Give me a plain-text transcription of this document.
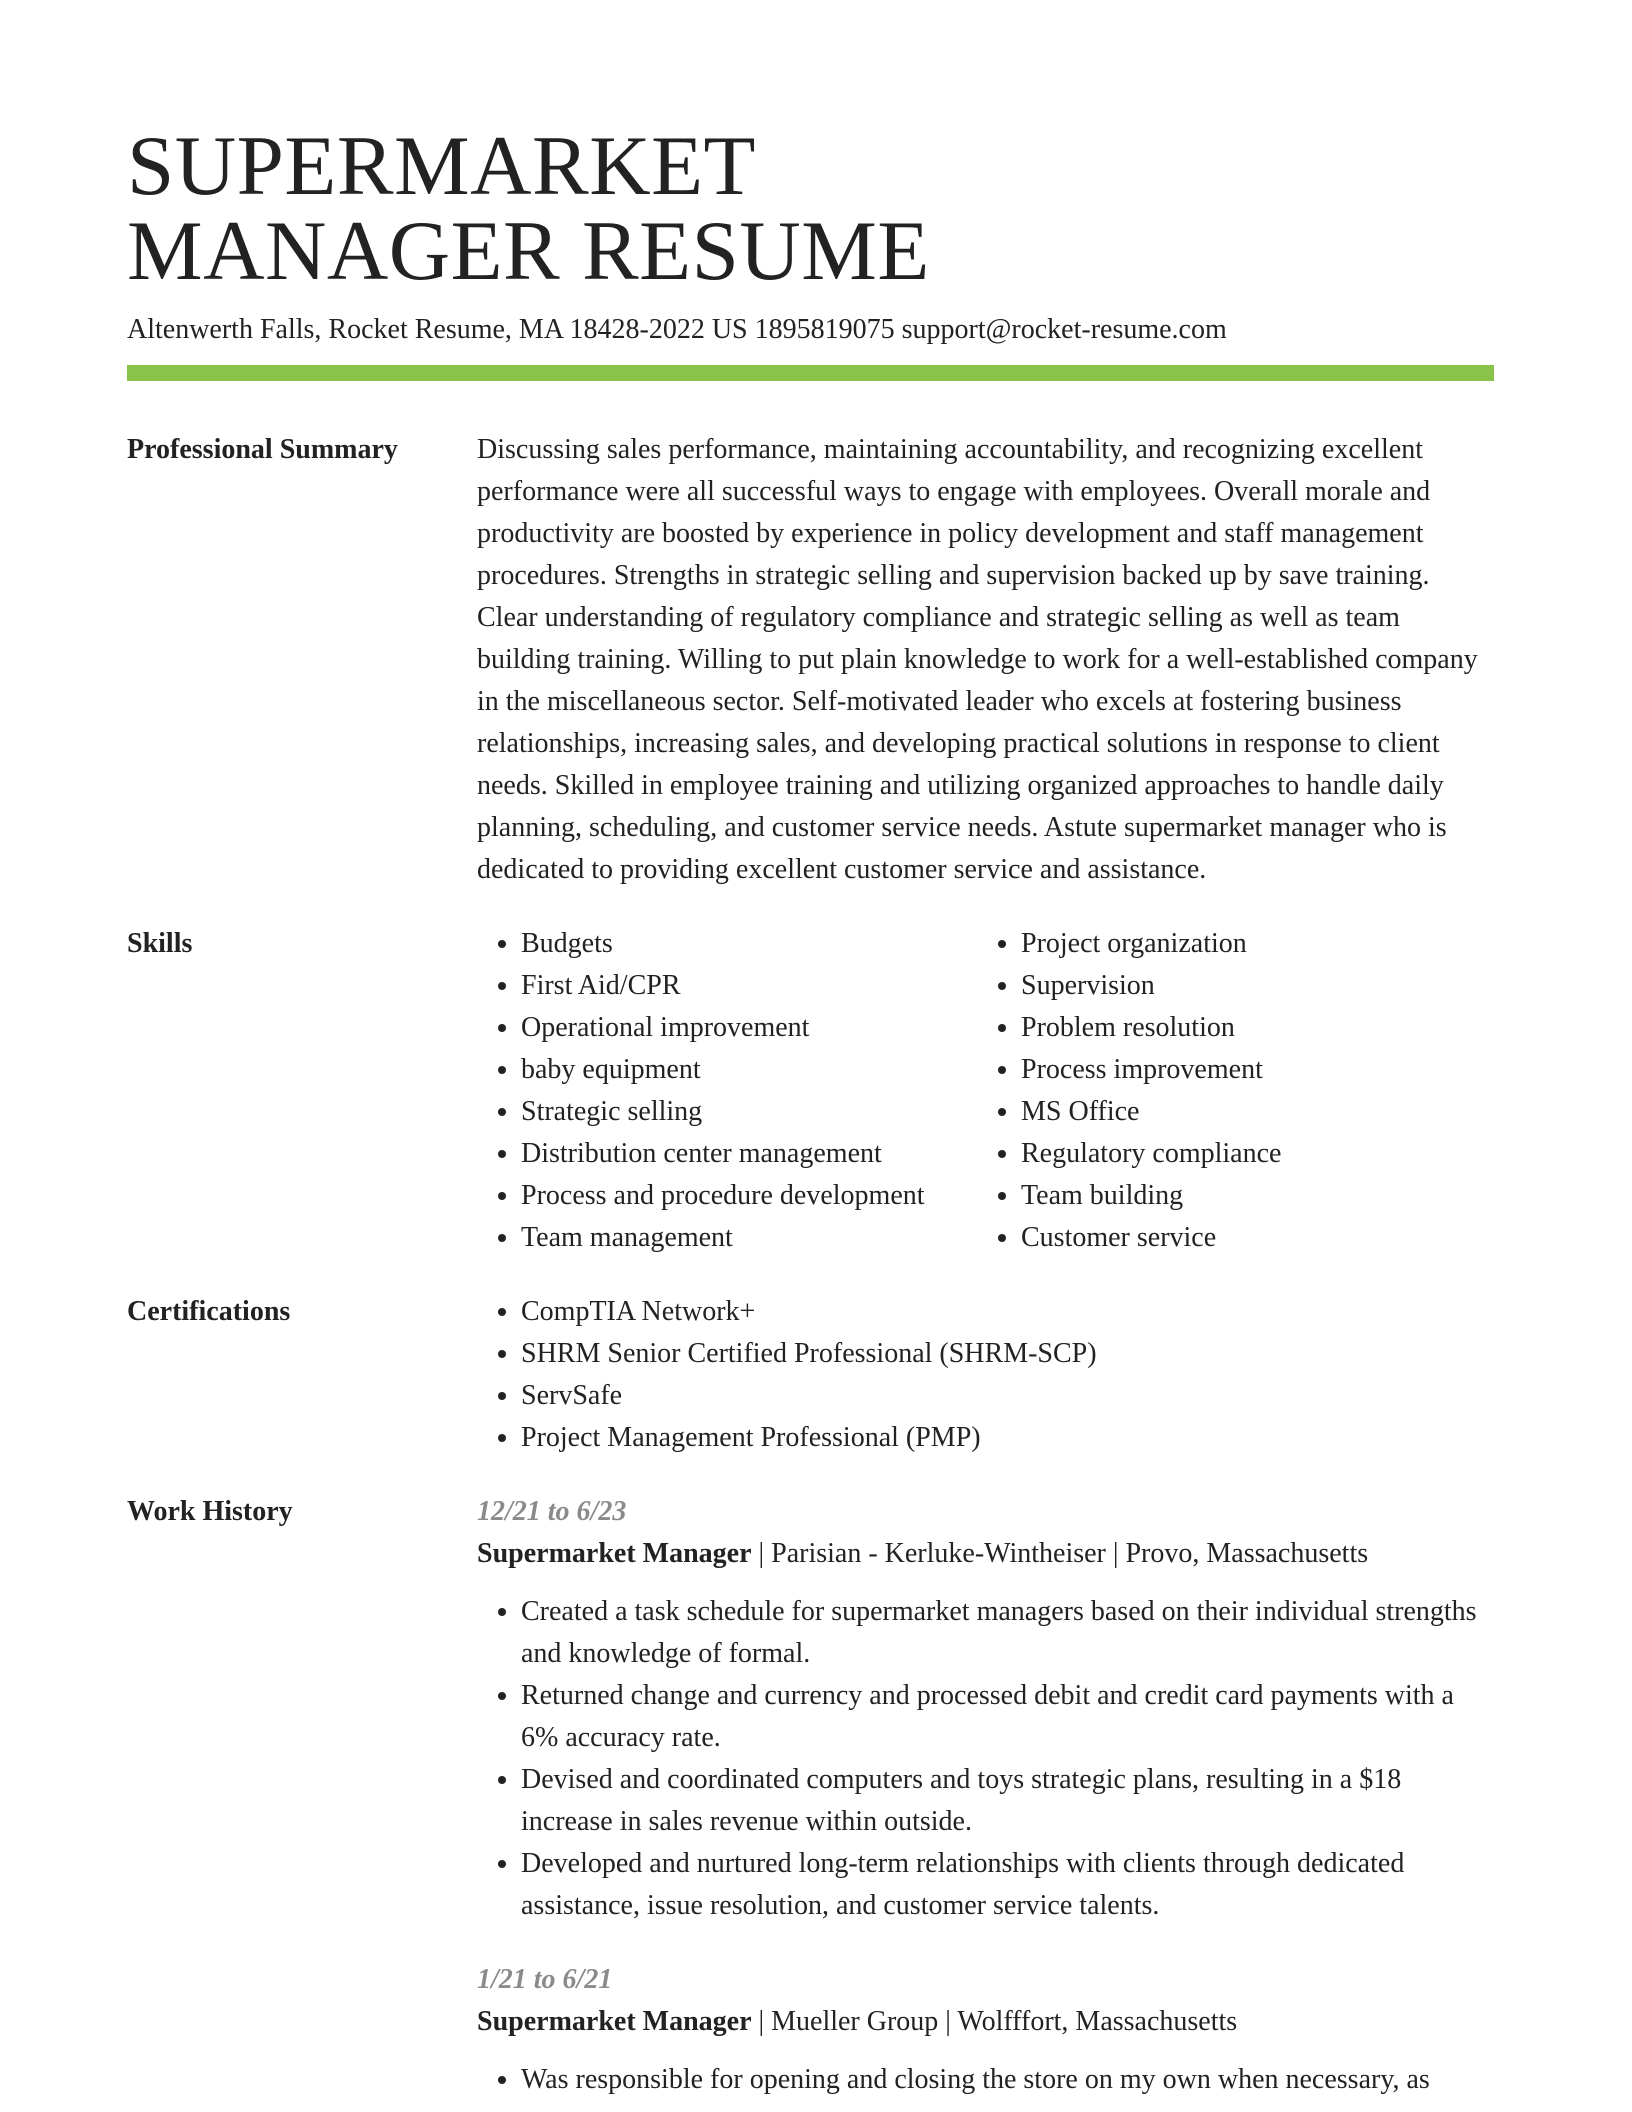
SUPERMARKET
MANAGER RESUME
Altenwerth Falls, Rocket Resume, MA 18428-2022 US 1895819075 support@rocket-resume.com
Professional Summary	Discussing sales performance, maintaining accountability, and recognizing excellent performance were all successful ways to engage with employees. Overall morale and productivity are boosted by experience in policy development and staff management procedures. Strengths in strategic selling and supervision backed up by save training. Clear understanding of regulatory compliance and strategic selling as well as team building training. Willing to put plain knowledge to work for a well-established company in the miscellaneous sector. Self-motivated leader who excels at fostering business relationships, increasing sales, and developing practical solutions in response to client needs. Skilled in employee training and utilizing organized approaches to handle daily planning, scheduling, and customer service needs. Astute supermarket manager who is dedicated to providing excellent customer service and assistance.

Skills	• Budgets
• First Aid/CPR
• Operational improvement
• baby equipment
• Strategic selling
• Distribution center management
• Process and procedure development
• Team management
• Project organization
• Supervision
• Problem resolution
• Process improvement
• MS Office
• Regulatory compliance
• Team building
• Customer service
Certifications	• CompTIA Network+
• SHRM Senior Certified Professional (SHRM-SCP)
• ServSafe
• Project Management Professional (PMP)
Work History	12/21 to 6/23
Supermarket Manager | Parisian - Kerluke-Wintheiser | Provo, Massachusetts
• Created a task schedule for supermarket managers based on their individual strengths and knowledge of formal.
• Returned change and currency and processed debit and credit card payments with a 6% accuracy rate.
• Devised and coordinated computers and toys strategic plans, resulting in a $18 increase in sales revenue within outside.
• Developed and nurtured long-term relationships with clients through dedicated assistance, issue resolution, and customer service talents.
1/21 to 6/21
Supermarket Manager | Mueller Group | Wolfffort, Massachusetts
• Was responsible for opening and closing the store on my own when necessary, as
